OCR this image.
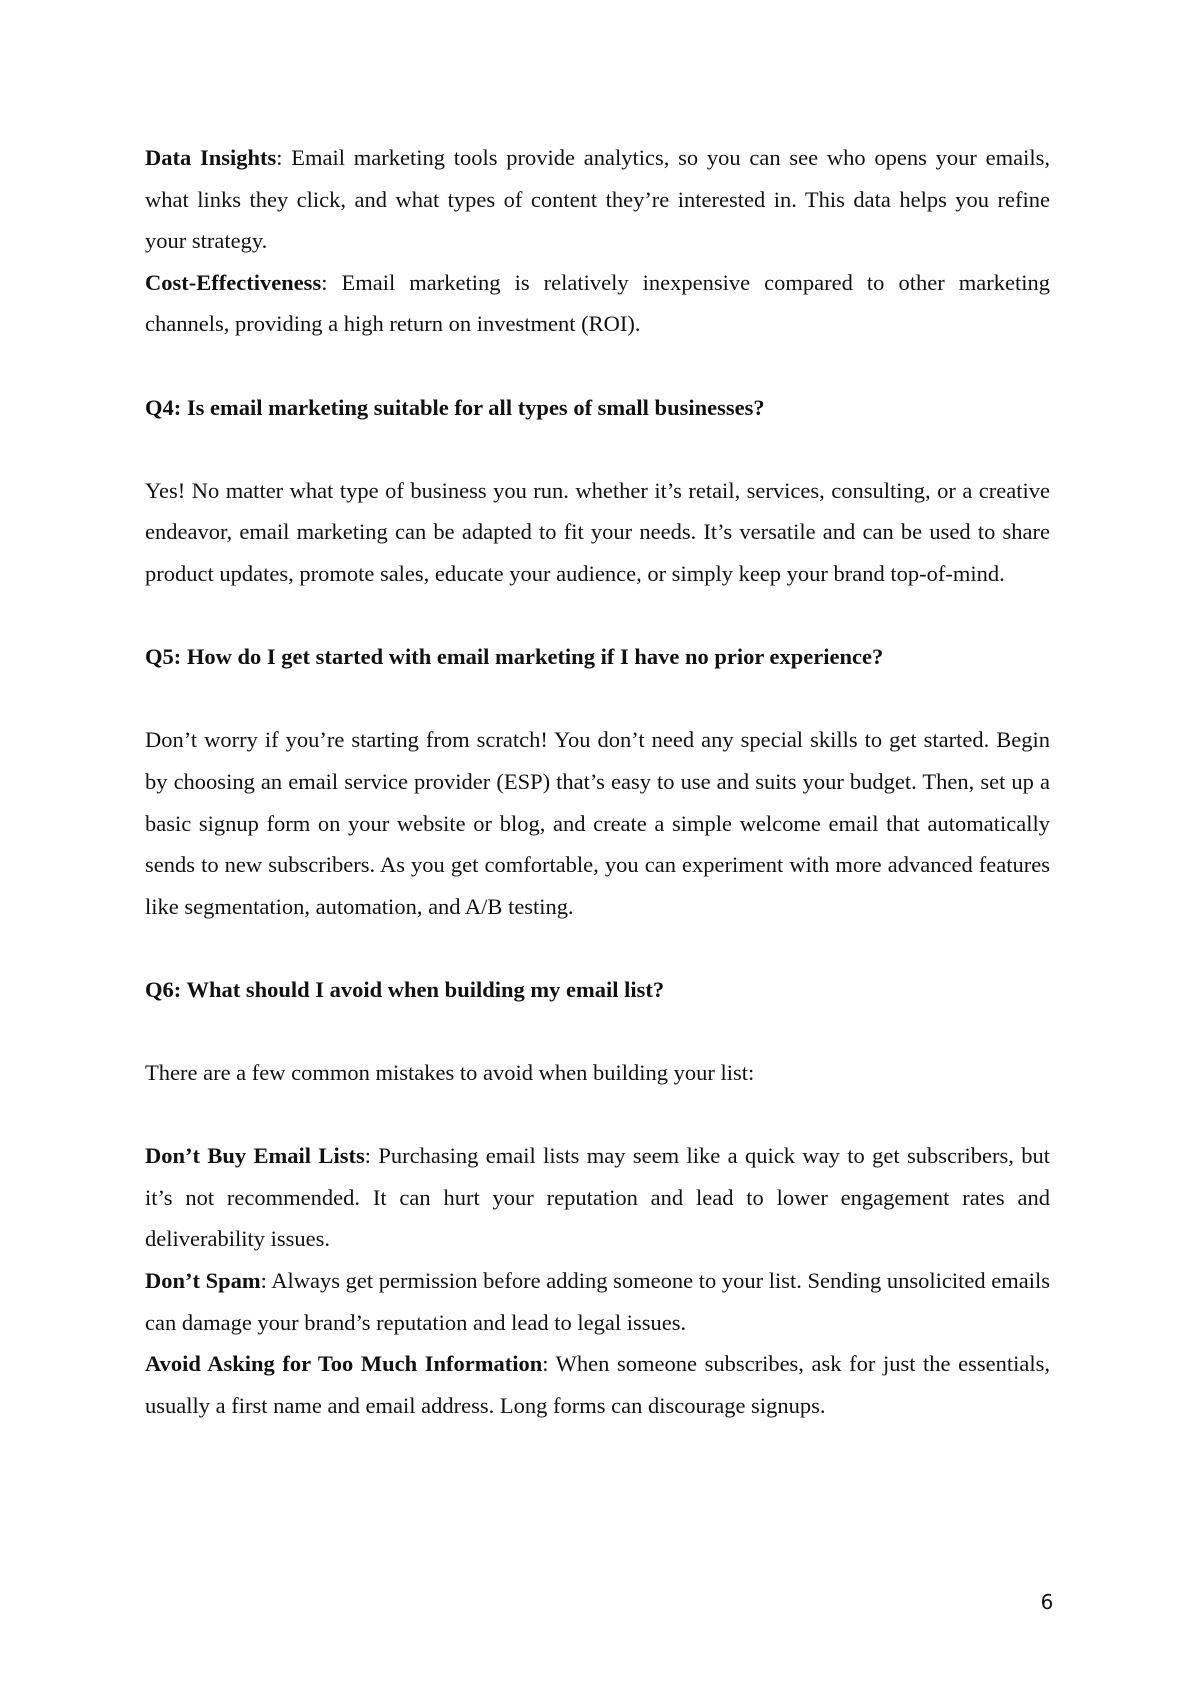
Data Insights: Email marketing tools provide analytics, so you can see who opens your emails, what links they click, and what types of content they’re interested in. This data helps you refine your strategy.

Cost-Effectiveness: Email marketing is relatively inexpensive compared to other marketing channels, providing a high return on investment (ROI).

Q4: Is email marketing suitable for all types of small businesses?

Yes! No matter what type of business you run. whether it’s retail, services, consulting, or a creative endeavor, email marketing can be adapted to fit your needs. It’s versatile and can be used to share product updates, promote sales, educate your audience, or simply keep your brand top-of-mind.

Q5: How do I get started with email marketing if I have no prior experience?

Don’t worry if you’re starting from scratch! You don’t need any special skills to get started. Begin by choosing an email service provider (ESP) that’s easy to use and suits your budget. Then, set up a basic signup form on your website or blog, and create a simple welcome email that automatically sends to new subscribers. As you get comfortable, you can experiment with more advanced features like segmentation, automation, and A/B testing.

Q6: What should I avoid when building my email list?

There are a few common mistakes to avoid when building your list:

Don’t Buy Email Lists: Purchasing email lists may seem like a quick way to get subscribers, but it’s not recommended. It can hurt your reputation and lead to lower engagement rates and deliverability issues.

Don’t Spam: Always get permission before adding someone to your list. Sending unsolicited emails can damage your brand’s reputation and lead to legal issues.

Avoid Asking for Too Much Information: When someone subscribes, ask for just the essentials, usually a first name and email address. Long forms can discourage signups.

6
